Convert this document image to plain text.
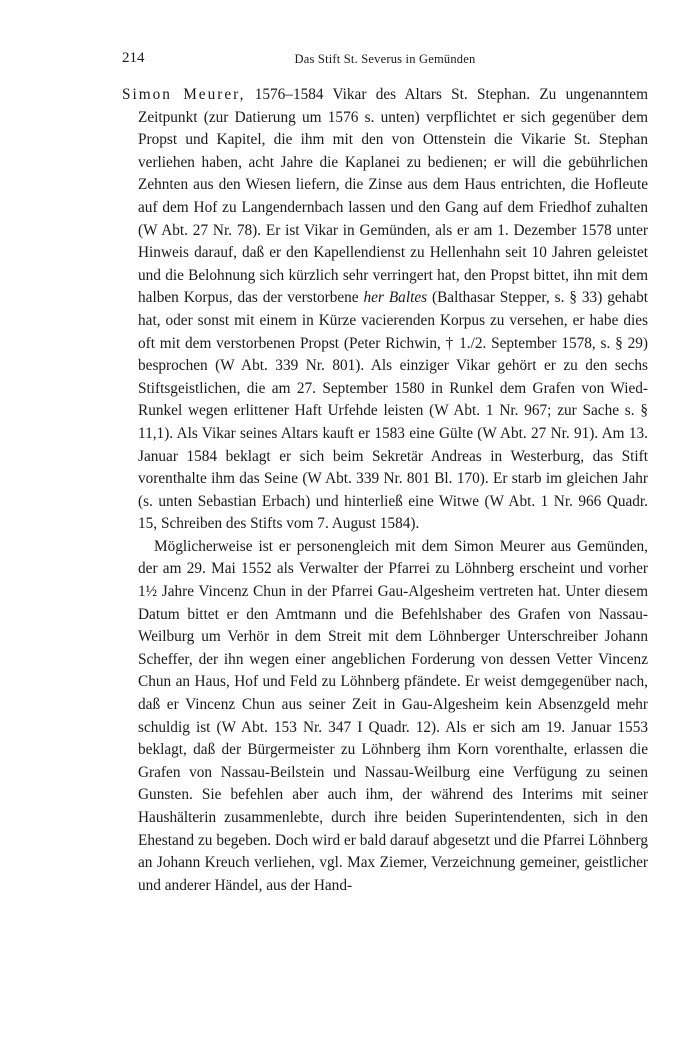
214	Das Stift St. Severus in Gemünden

Simon Meurer, 1576–1584 Vikar des Altars St. Stephan. Zu ungenanntem Zeitpunkt (zur Datierung um 1576 s. unten) verpflichtet er sich gegenüber dem Propst und Kapitel, die ihm mit den von Ottenstein die Vikarie St. Stephan verliehen haben, acht Jahre die Kaplanei zu bedienen; er will die gebührlichen Zehnten aus den Wiesen liefern, die Zinse aus dem Haus entrichten, die Hofleute auf dem Hof zu Langendernbach lassen und den Gang auf dem Friedhof zuhalten (W Abt. 27 Nr. 78). Er ist Vikar in Gemünden, als er am 1. Dezember 1578 unter Hinweis darauf, daß er den Kapellendienst zu Hellenhahn seit 10 Jahren geleistet und die Belohnung sich kürzlich sehr verringert hat, den Propst bittet, ihn mit dem halben Korpus, das der verstorbene her Baltes (Balthasar Stepper, s. § 33) gehabt hat, oder sonst mit einem in Kürze vacierenden Korpus zu versehen, er habe dies oft mit dem verstorbenen Propst (Peter Richwin, † 1./2. September 1578, s. § 29) besprochen (W Abt. 339 Nr. 801). Als einziger Vikar gehört er zu den sechs Stiftsgeistlichen, die am 27. September 1580 in Runkel dem Grafen von Wied-Runkel wegen erlittener Haft Urfehde leisten (W Abt. 1 Nr. 967; zur Sache s. § 11,1). Als Vikar seines Altars kauft er 1583 eine Gülte (W Abt. 27 Nr. 91). Am 13. Januar 1584 beklagt er sich beim Sekretär Andreas in Westerburg, das Stift vorenthalte ihm das Seine (W Abt. 339 Nr. 801 Bl. 170). Er starb im gleichen Jahr (s. unten Sebastian Erbach) und hinterließ eine Witwe (W Abt. 1 Nr. 966 Quadr. 15, Schreiben des Stifts vom 7. August 1584).

Möglicherweise ist er personengleich mit dem Simon Meurer aus Gemünden, der am 29. Mai 1552 als Verwalter der Pfarrei zu Löhnberg erscheint und vorher 1½ Jahre Vincenz Chun in der Pfarrei Gau-Algesheim vertreten hat. Unter diesem Datum bittet er den Amtmann und die Befehlshaber des Grafen von Nassau-Weilburg um Verhör in dem Streit mit dem Löhnberger Unterschreiber Johann Scheffer, der ihn wegen einer angeblichen Forderung von dessen Vetter Vincenz Chun an Haus, Hof und Feld zu Löhnberg pfändete. Er weist demgegenüber nach, daß er Vincenz Chun aus seiner Zeit in Gau-Algesheim kein Absenzgeld mehr schuldig ist (W Abt. 153 Nr. 347 I Quadr. 12). Als er sich am 19. Januar 1553 beklagt, daß der Bürgermeister zu Löhnberg ihm Korn vorenthalte, erlassen die Grafen von Nassau-Beilstein und Nassau-Weilburg eine Verfügung zu seinen Gunsten. Sie befehlen aber auch ihm, der während des Interims mit seiner Haushälterin zusammenlebte, durch ihre beiden Superintendenten, sich in den Ehestand zu begeben. Doch wird er bald darauf abgesetzt und die Pfarrei Löhnberg an Johann Kreuch verliehen, vgl. Max Ziemer, Verzeichnung gemeiner, geistlicher und anderer Händel, aus der Hand-
